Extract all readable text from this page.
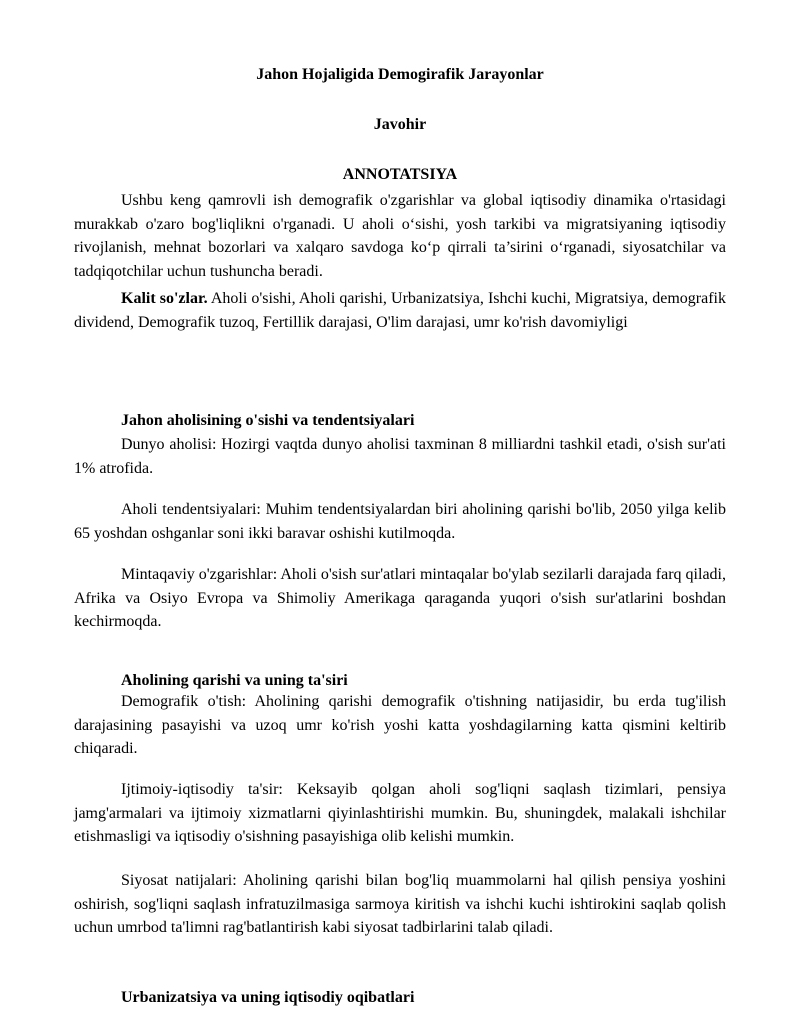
Jahon Hojaligida Demogirafik Jarayonlar

Javohir

ANNOTATSIYA

Ushbu keng qamrovli ish demografik o'zgarishlar va global iqtisodiy dinamika o'rtasidagi murakkab o'zaro bog'liqlikni o'rganadi. U aholi o‘sishi, yosh tarkibi va migratsiyaning iqtisodiy rivojlanish, mehnat bozorlari va xalqaro savdoga ko‘p qirrali ta’sirini o‘rganadi, siyosatchilar va tadqiqotchilar uchun tushuncha beradi.

Kalit so'zlar. Aholi o'sishi, Aholi qarishi, Urbanizatsiya, Ishchi kuchi, Migratsiya, demografik dividend, Demografik tuzoq, Fertillik darajasi, O'lim darajasi, umr ko'rish davomiyligi

Jahon aholisining o'sishi va tendentsiyalari

Dunyo aholisi: Hozirgi vaqtda dunyo aholisi taxminan 8 milliardni tashkil etadi, o'sish sur'ati 1% atrofida.

Aholi tendentsiyalari: Muhim tendentsiyalardan biri aholining qarishi bo'lib, 2050 yilga kelib 65 yoshdan oshganlar soni ikki baravar oshishi kutilmoqda.

Mintaqaviy o'zgarishlar: Aholi o'sish sur'atlari mintaqalar bo'ylab sezilarli darajada farq qiladi, Afrika va Osiyo Evropa va Shimoliy Amerikaga qaraganda yuqori o'sish sur'atlarini boshdan kechirmoqda.

Aholining qarishi va uning ta'siri

Demografik o'tish: Aholining qarishi demografik o'tishning natijasidir, bu erda tug'ilish darajasining pasayishi va uzoq umr ko'rish yoshi katta yoshdagilarning katta qismini keltirib chiqaradi.

Ijtimoiy-iqtisodiy ta'sir: Keksayib qolgan aholi sog'liqni saqlash tizimlari, pensiya jamg'armalari va ijtimoiy xizmatlarni qiyinlashtirishi mumkin. Bu, shuningdek, malakali ishchilar etishmasligi va iqtisodiy o'sishning pasayishiga olib kelishi mumkin.

Siyosat natijalari: Aholining qarishi bilan bog'liq muammolarni hal qilish pensiya yoshini oshirish, sog'liqni saqlash infratuzilmasiga sarmoya kiritish va ishchi kuchi ishtirokini saqlab qolish uchun umrbod ta'limni rag'batlantirish kabi siyosat tadbirlarini talab qiladi.

Urbanizatsiya va uning iqtisodiy oqibatlari
